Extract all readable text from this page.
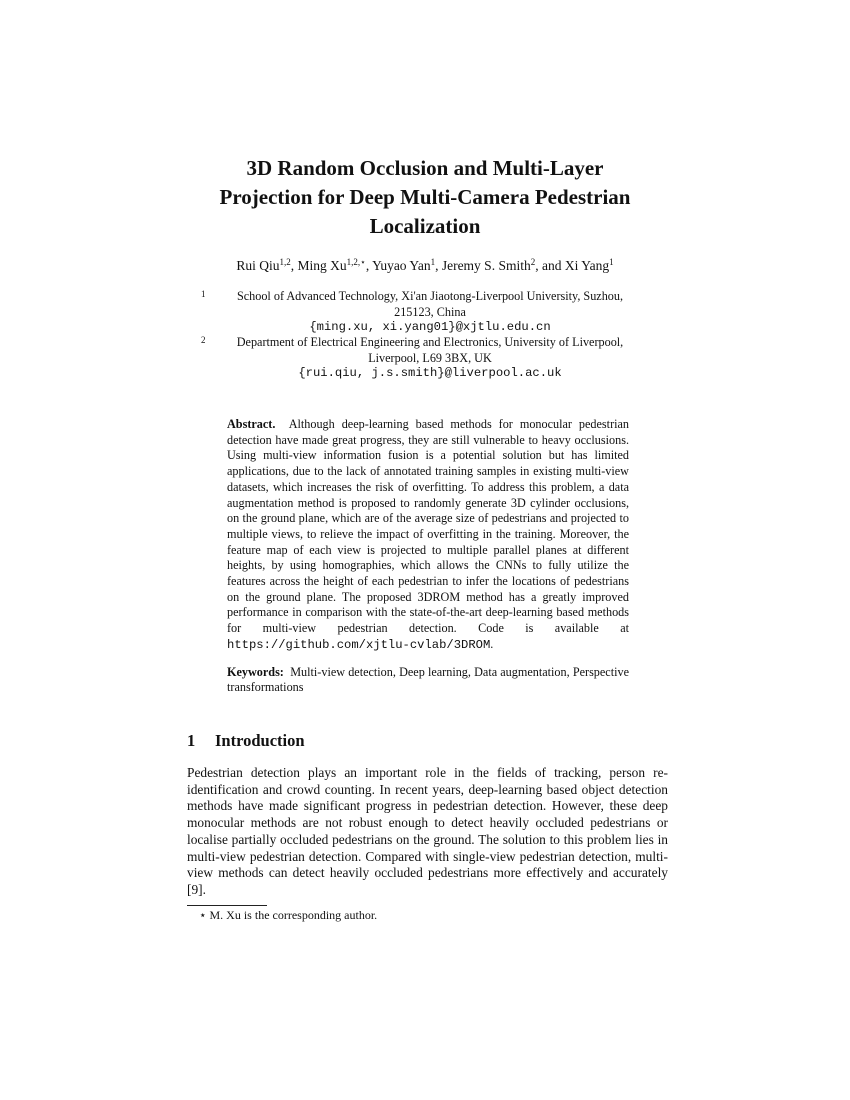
3D Random Occlusion and Multi-Layer
Projection for Deep Multi-Camera Pedestrian
Localization
Rui Qiu$^{1,2}$, Ming $Xu^{1,2,⋆}$, Yuyao Yan$^1$, Jeremy S. Smith$^2$, and Xi Yang$^1$
1	School of Advanced Technology, Xi'an Jiaotong-Liverpool University, Suzhou,
215123, China
{ming.xu, xi.yang01}@xjtlu.edu.cn
2	Department of Electrical Engineering and Electronics, University of Liverpool,
Liverpool, L69 3BX, UK
{rui.qiu, j.s.smith}@liverpool.ac.uk

Abstract. Although deep-learning based methods for monocular pedestrian detection have made great progress, they are still vulnerable to heavy occlusions. Using multi-view information fusion is a potential solution but has limited applications, due to the lack of annotated training samples in existing multi-view datasets, which increases the risk of overfitting. To address this problem, a data augmentation method is proposed to randomly generate 3D cylinder occlusions, on the ground plane, which are of the average size of pedestrians and projected to multiple views, to relieve the impact of overfitting in the training. Moreover, the feature map of each view is projected to multiple parallel planes at different heights, by using homographies, which allows the CNNs to fully utilize the features across the height of each pedestrian to infer the locations of pedestrians on the ground plane. The proposed 3DROM method has a greatly improved performance in comparison with the state-of-the-art deep-learning based methods for multi-view pedestrian detection. Code is available at https://github.com/xjtlu-cvlab/3DROM.

Keywords: Multi-view detection, Deep learning, Data augmentation, Perspective transformations

1 Introduction

Pedestrian detection plays an important role in the fields of tracking, person re-identification and crowd counting. In recent years, deep-learning based object detection methods have made significant progress in pedestrian detection. However, these deep monocular methods are not robust enough to detect heavily occluded pedestrians or localise partially occluded pedestrians on the ground. The solution to this problem lies in multi-view pedestrian detection. Compared with single-view pedestrian detection, multi-view methods can detect heavily occluded pedestrians more effectively and accurately [9].

⋆ M. Xu is the corresponding author.
